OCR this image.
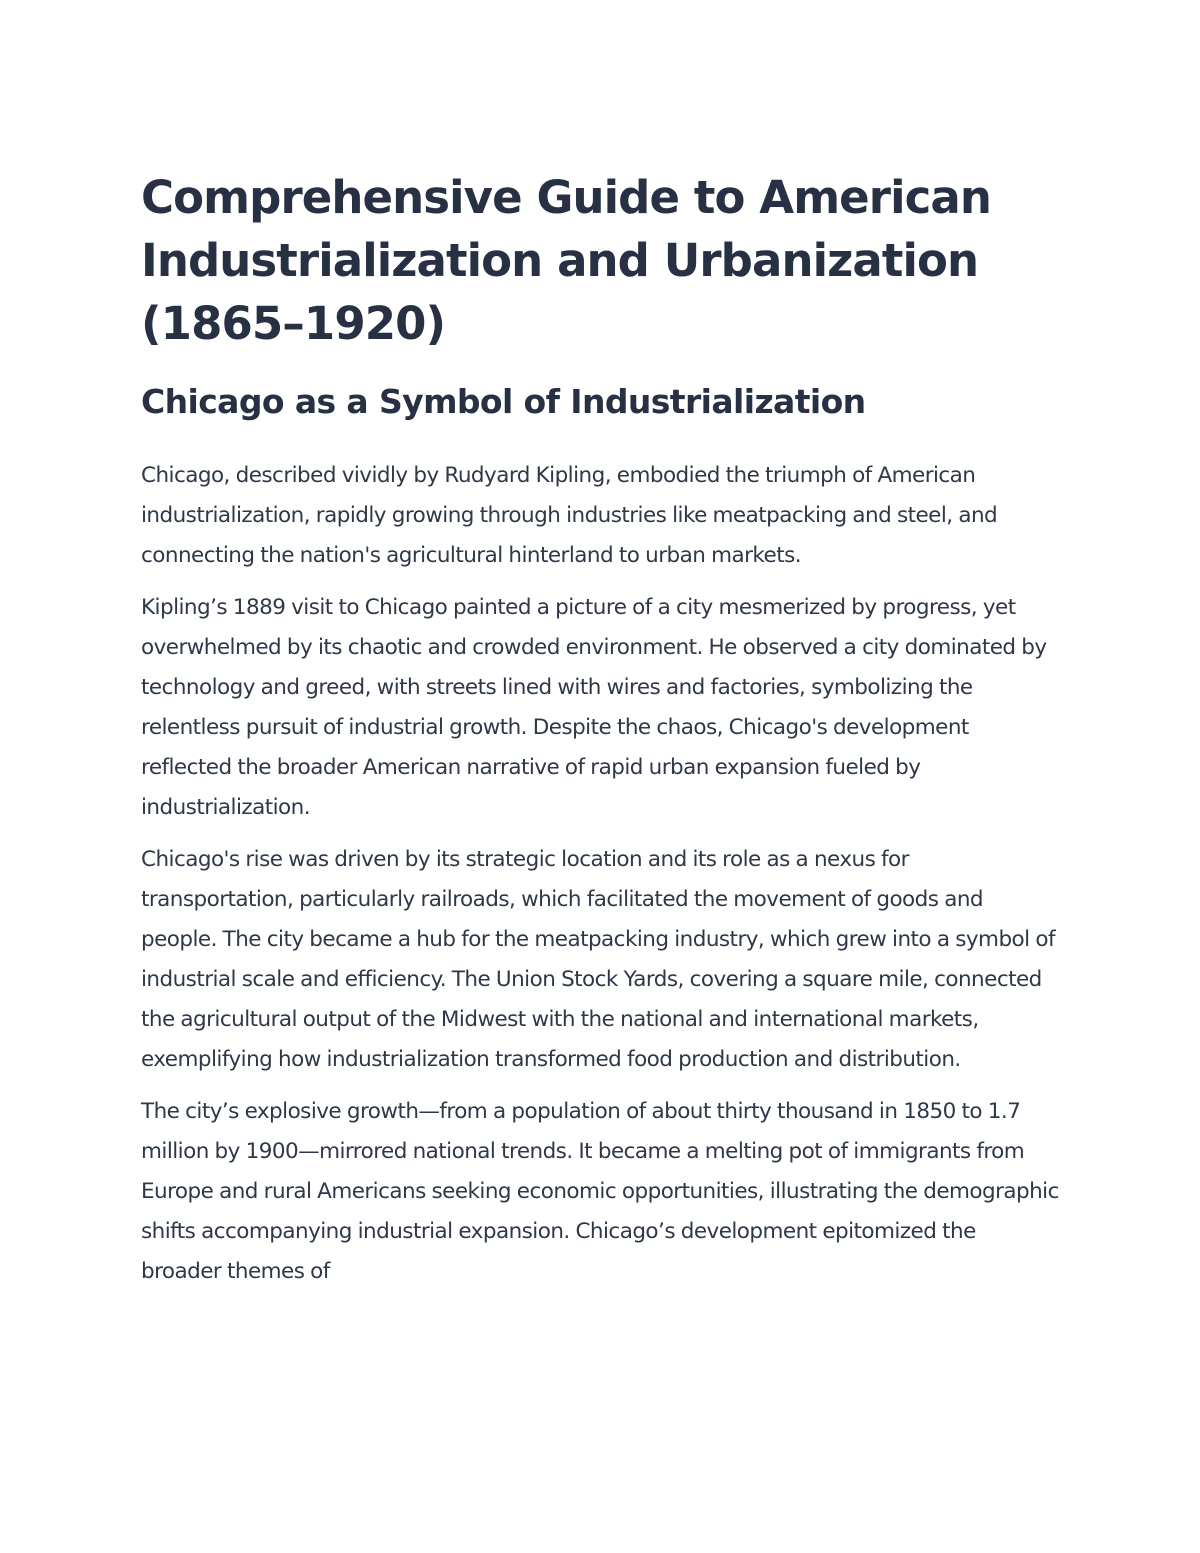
Comprehensive Guide to American Industrialization and Urbanization (1865–1920)
Chicago as a Symbol of Industrialization

Chicago, described vividly by Rudyard Kipling, embodied the triumph of American industrialization, rapidly growing through industries like meatpacking and steel, and connecting the nation's agricultural hinterland to urban markets.

Kipling’s 1889 visit to Chicago painted a picture of a city mesmerized by progress, yet overwhelmed by its chaotic and crowded environment. He observed a city dominated by technology and greed, with streets lined with wires and factories, symbolizing the relentless pursuit of industrial growth. Despite the chaos, Chicago's development reflected the broader American narrative of rapid urban expansion fueled by industrialization.

Chicago's rise was driven by its strategic location and its role as a nexus for transportation, particularly railroads, which facilitated the movement of goods and people. The city became a hub for the meatpacking industry, which grew into a symbol of industrial scale and efficiency. The Union Stock Yards, covering a square mile, connected the agricultural output of the Midwest with the national and international markets, exemplifying how industrialization transformed food production and distribution.

The city’s explosive growth—from a population of about thirty thousand in 1850 to 1.7 million by 1900—mirrored national trends. It became a melting pot of immigrants from Europe and rural Americans seeking economic opportunities, illustrating the demographic shifts accompanying industrial expansion. Chicago’s development epitomized the broader themes of
